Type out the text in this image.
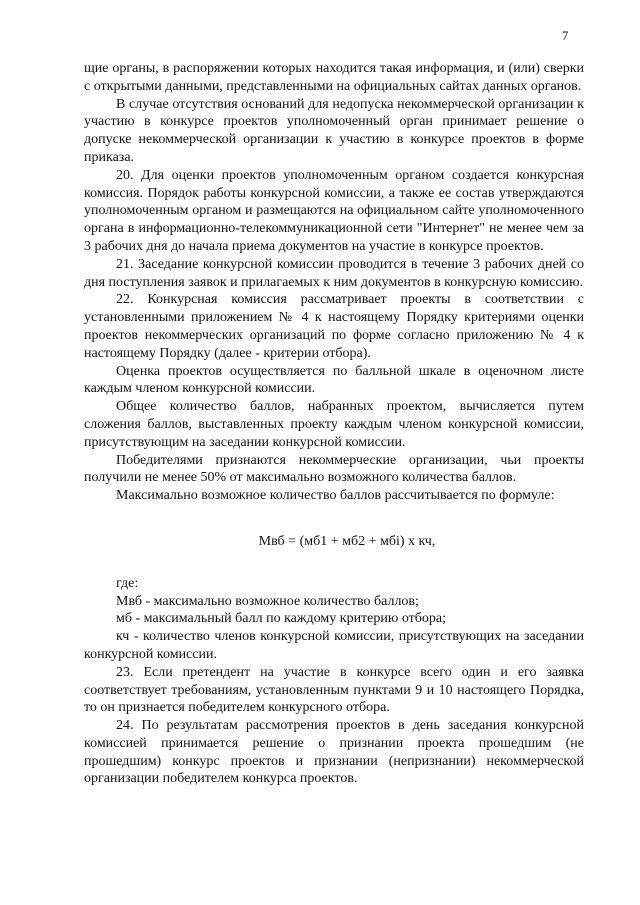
7

щие органы, в распоряжении которых находится такая информация, и (или) сверки с открытыми данными, представленными на официальных сайтах данных органов.

В случае отсутствия оснований для недопуска некоммерческой организации к участию в конкурсе проектов уполномоченный орган принимает решение о допуске некоммерческой организации к участию в конкурсе проектов в форме приказа.

20. Для оценки проектов уполномоченным органом создается конкурсная комиссия. Порядок работы конкурсной комиссии, а также ее состав утверждаются уполномоченным органом и размещаются на официальном сайте уполномоченного органа в информационно-телекоммуникационной сети "Интернет" не менее чем за 3 рабочих дня до начала приема документов на участие в конкурсе проектов.

21. Заседание конкурсной комиссии проводится в течение 3 рабочих дней со дня поступления заявок и прилагаемых к ним документов в конкурсную комиссию.

22. Конкурсная комиссия рассматривает проекты в соответствии с установленными приложением № 4 к настоящему Порядку критериями оценки проектов некоммерческих организаций по форме согласно приложению № 4 к настоящему Порядку (далее - критерии отбора).

Оценка проектов осуществляется по балльной шкале в оценочном листе каждым членом конкурсной комиссии.

Общее количество баллов, набранных проектом, вычисляется путем сложения баллов, выставленных проекту каждым членом конкурсной комиссии, присутствующим на заседании конкурсной комиссии.

Победителями признаются некоммерческие организации, чьи проекты получили не менее 50% от максимально возможного количества баллов.

Максимально возможное количество баллов рассчитывается по формуле:

Мвб = (мб1 + мб2 + мбi) х кч,

где:

Мвб - максимально возможное количество баллов;

мб - максимальный балл по каждому критерию отбора;

кч - количество членов конкурсной комиссии, присутствующих на заседании конкурсной комиссии.

23. Если претендент на участие в конкурсе всего один и его заявка соответствует требованиям, установленным пунктами 9 и 10 настоящего Порядка, то он признается победителем конкурсного отбора.

24. По результатам рассмотрения проектов в день заседания конкурсной комиссией принимается решение о признании проекта прошедшим (не прошедшим) конкурс проектов и признании (непризнании) некоммерческой организации победителем конкурса проектов.
